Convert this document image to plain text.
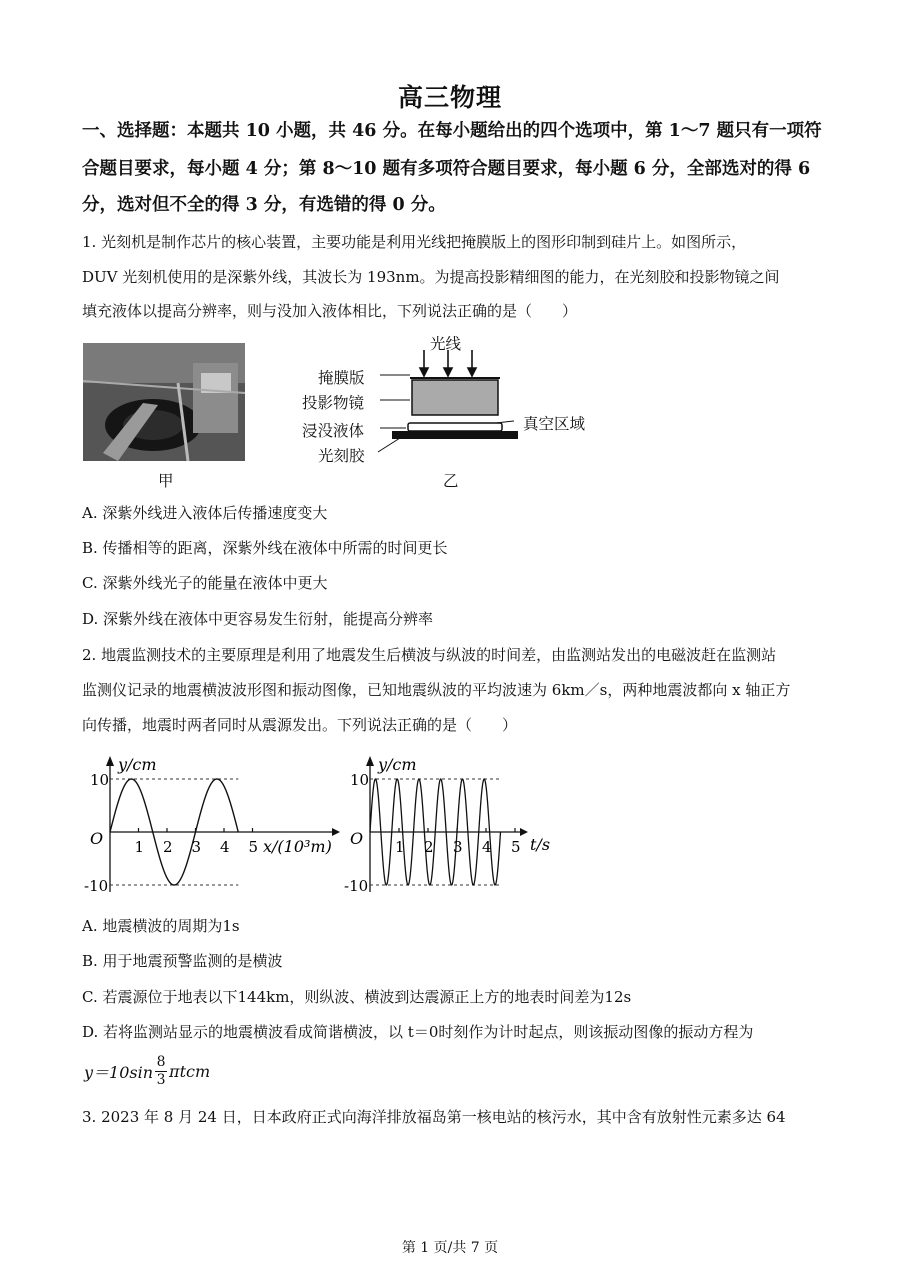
高三物理
一、选择题：本题共 10 小题，共 46 分。在每小题给出的四个选项中，第 1～7 题只有一项符
合题目要求，每小题 4 分；第 8～10 题有多项符合题目要求，每小题 6 分，全部选对的得 6
分，选对但不全的得 3 分，有选错的得 0 分。
1. 光刻机是制作芯片的核心装置，主要功能是利用光线把掩膜版上的图形印制到硅片上。如图所示，
DUV 光刻机使用的是深紫外线，其波长为 193nm。为提高投影精细图的能力，在光刻胶和投影物镜之间
填充液体以提高分辨率，则与没加入液体相比，下列说法正确的是（　　）
甲
光线
掩膜版
投影物镜
浸没液体	真空区域
光刻胶
乙
A. 深紫外线进入液体后传播速度变大
B. 传播相等的距离，深紫外线在液体中所需的时间更长
C. 深紫外线光子的能量在液体中更大
D. 深紫外线在液体中更容易发生衍射，能提高分辨率
2. 地震监测技术的主要原理是利用了地震发生后横波与纵波的时间差，由监测站发出的电磁波赶在监测站
监测仪记录的地震横波波形图和振动图像，已知地震纵波的平均波速为 6km／s，两种地震波都向 x 轴正方
向传播，地震时两者同时从震源发出。下列说法正确的是（　　）
1 2 3 4 5
O
10
-10
y/cm
x/(10³m)	1 2 3 4 5
O
10
-10
y/cm
t/s
A. 地震横波的周期为1s
B. 用于地震预警监测的是横波
C. 若震源位于地表以下144km，则纵波、横波到达震源正上方的地表时间差为12s
D. 若将监测站显示的地震横波看成简谐横波，以 t＝0时刻作为计时起点，则该振动图像的振动方程为
y＝10sin
8
3 πtcm
3. 2023 年 8 月 24 日，日本政府正式向海洋排放福岛第一核电站的核污水，其中含有放射性元素多达 64
第 1 页/共 7 页
